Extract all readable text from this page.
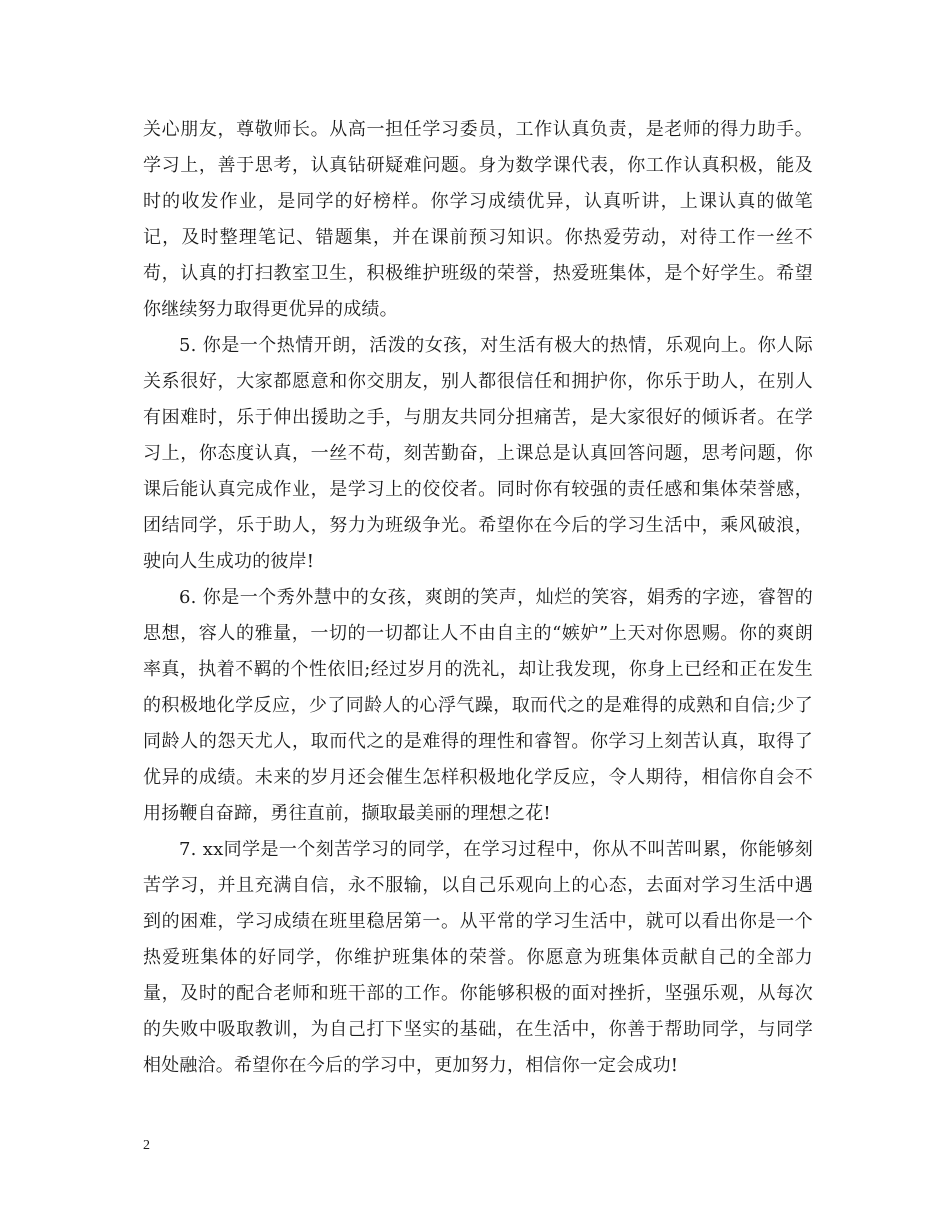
关心朋友，尊敬师长。从高一担任学习委员，工作认真负责，是老师的得力助手。学习上，善于思考，认真钻研疑难问题。身为数学课代表，你工作认真积极，能及时的收发作业，是同学的好榜样。你学习成绩优异，认真听讲，上课认真的做笔记，及时整理笔记、错题集，并在课前预习知识。你热爱劳动，对待工作一丝不苟，认真的打扫教室卫生，积极维护班级的荣誉，热爱班集体，是个好学生。希望你继续努力取得更优异的成绩。

5. 你是一个热情开朗，活泼的女孩，对生活有极大的热情，乐观向上。你人际关系很好，大家都愿意和你交朋友，别人都很信任和拥护你，你乐于助人，在别人有困难时，乐于伸出援助之手，与朋友共同分担痛苦，是大家很好的倾诉者。在学习上，你态度认真，一丝不苟，刻苦勤奋，上课总是认真回答问题，思考问题，你课后能认真完成作业，是学习上的佼佼者。同时你有较强的责任感和集体荣誉感，团结同学，乐于助人，努力为班级争光。希望你在今后的学习生活中，乘风破浪，驶向人生成功的彼岸!

6. 你是一个秀外慧中的女孩，爽朗的笑声，灿烂的笑容，娟秀的字迹，睿智的思想，容人的雅量，一切的一切都让人不由自主的“嫉妒”上天对你恩赐。你的爽朗率真，执着不羁的个性依旧;经过岁月的洗礼，却让我发现，你身上已经和正在发生的积极地化学反应，少了同龄人的心浮气躁，取而代之的是难得的成熟和自信;少了同龄人的怨天尤人，取而代之的是难得的理性和睿智。你学习上刻苦认真，取得了优异的成绩。未来的岁月还会催生怎样积极地化学反应，令人期待，相信你自会不用扬鞭自奋蹄，勇往直前，撷取最美丽的理想之花!

7. xx同学是一个刻苦学习的同学，在学习过程中，你从不叫苦叫累，你能够刻苦学习，并且充满自信，永不服输，以自己乐观向上的心态，去面对学习生活中遇到的困难，学习成绩在班里稳居第一。从平常的学习生活中，就可以看出你是一个热爱班集体的好同学，你维护班集体的荣誉。你愿意为班集体贡献自己的全部力量，及时的配合老师和班干部的工作。你能够积极的面对挫折，坚强乐观，从每次的失败中吸取教训，为自己打下坚实的基础，在生活中，你善于帮助同学，与同学相处融洽。希望你在今后的学习中，更加努力，相信你一定会成功!

2
